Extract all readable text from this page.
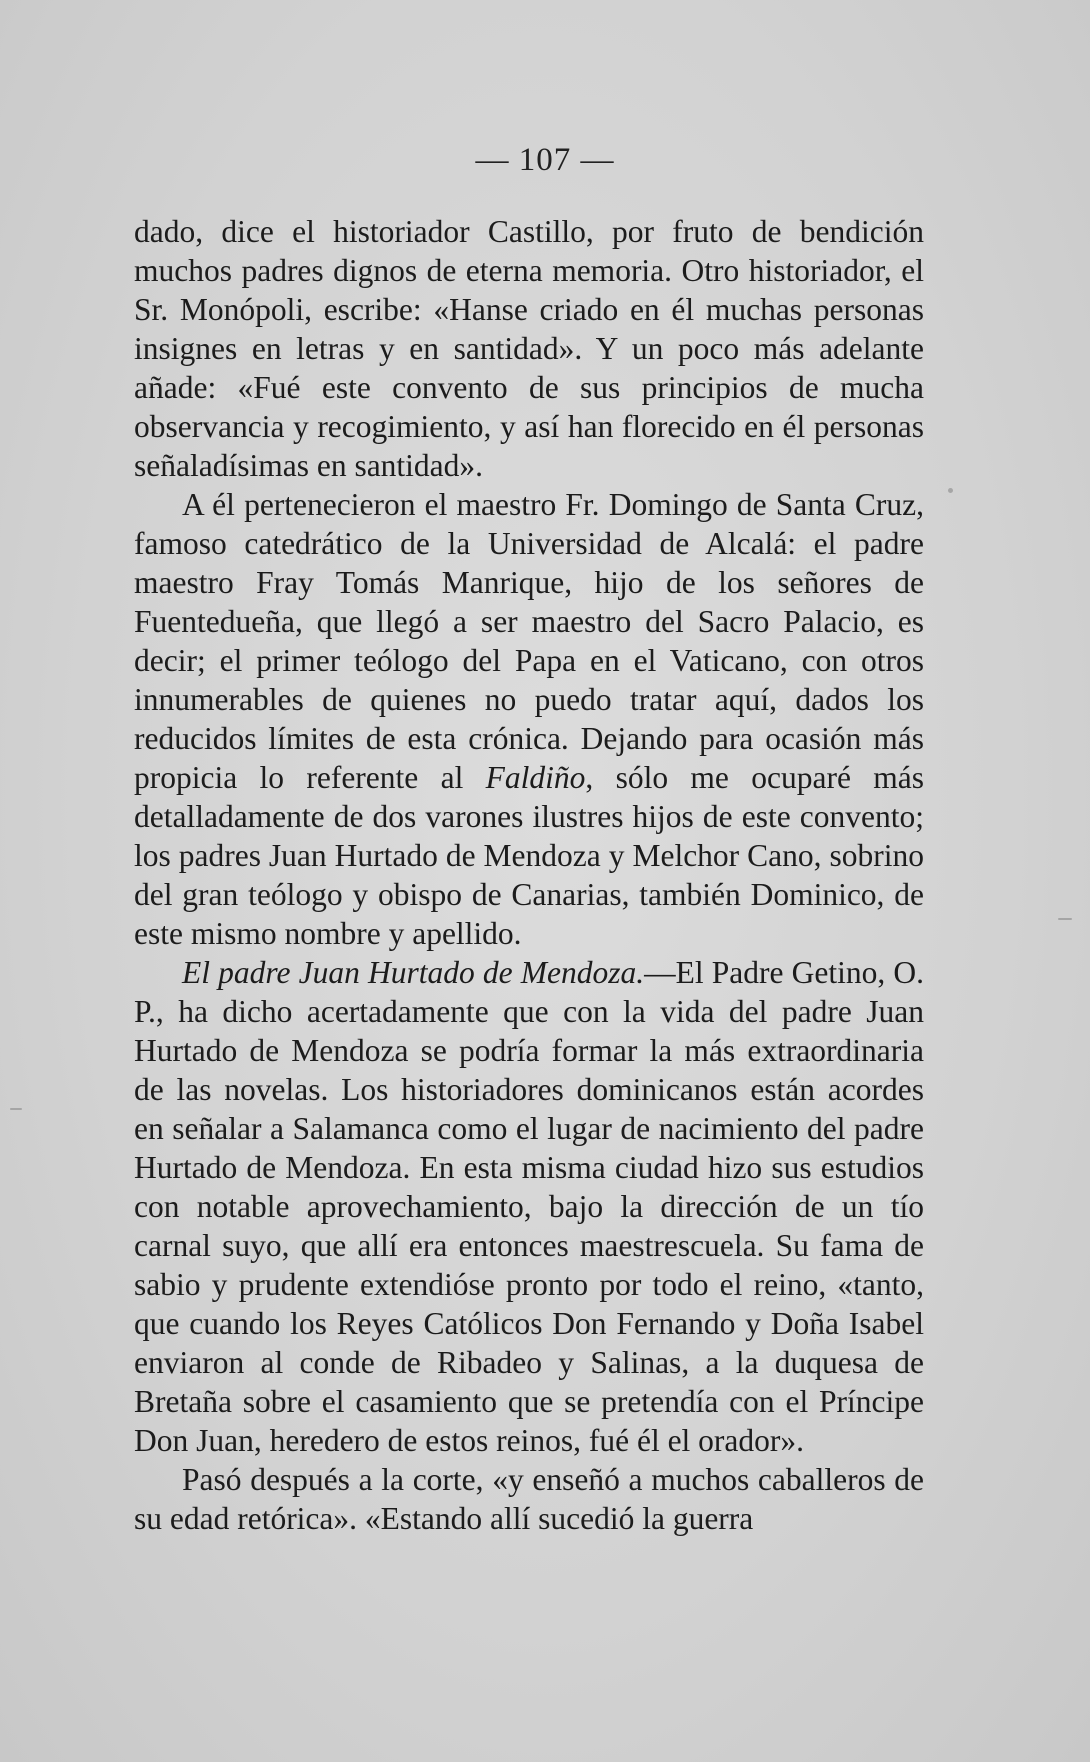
— 107 —

dado, dice el historiador Castillo, por fruto de bendición muchos padres dignos de eterna memoria. Otro historiador, el Sr. Monópoli, escribe: «Hanse criado en él muchas personas insignes en letras y en santidad». Y un poco más adelante añade: «Fué este convento de sus principios de mucha observancia y recogimiento, y así han florecido en él personas señaladísimas en santidad».

A él pertenecieron el maestro Fr. Domingo de Santa Cruz, famoso catedrático de la Universidad de Alcalá: el padre maestro Fray Tomás Manrique, hijo de los señores de Fuentedueña, que llegó a ser maestro del Sacro Palacio, es decir; el primer teólogo del Papa en el Vaticano, con otros innumerables de quienes no puedo tratar aquí, dados los reducidos límites de esta crónica. Dejando para ocasión más propicia lo referente al Faldiño, sólo me ocuparé más detalladamente de dos varones ilustres hijos de este convento; los padres Juan Hurtado de Mendoza y Melchor Cano, sobrino del gran teólogo y obispo de Canarias, también Dominico, de este mismo nombre y apellido.

El padre Juan Hurtado de Mendoza.—El Padre Getino, O. P., ha dicho acertadamente que con la vida del padre Juan Hurtado de Mendoza se podría formar la más extraordinaria de las novelas. Los historiadores dominicanos están acordes en señalar a Salamanca como el lugar de nacimiento del padre Hurtado de Mendoza. En esta misma ciudad hizo sus estudios con notable aprovechamiento, bajo la dirección de un tío carnal suyo, que allí era entonces maestrescuela. Su fama de sabio y prudente extendióse pronto por todo el reino, «tanto, que cuando los Reyes Católicos Don Fernando y Doña Isabel enviaron al conde de Ribadeo y Salinas, a la duquesa de Bretaña sobre el casamiento que se pretendía con el Príncipe Don Juan, heredero de estos reinos, fué él el orador».

Pasó después a la corte, «y enseñó a muchos caballeros de su edad retórica». «Estando allí sucedió la guerra
